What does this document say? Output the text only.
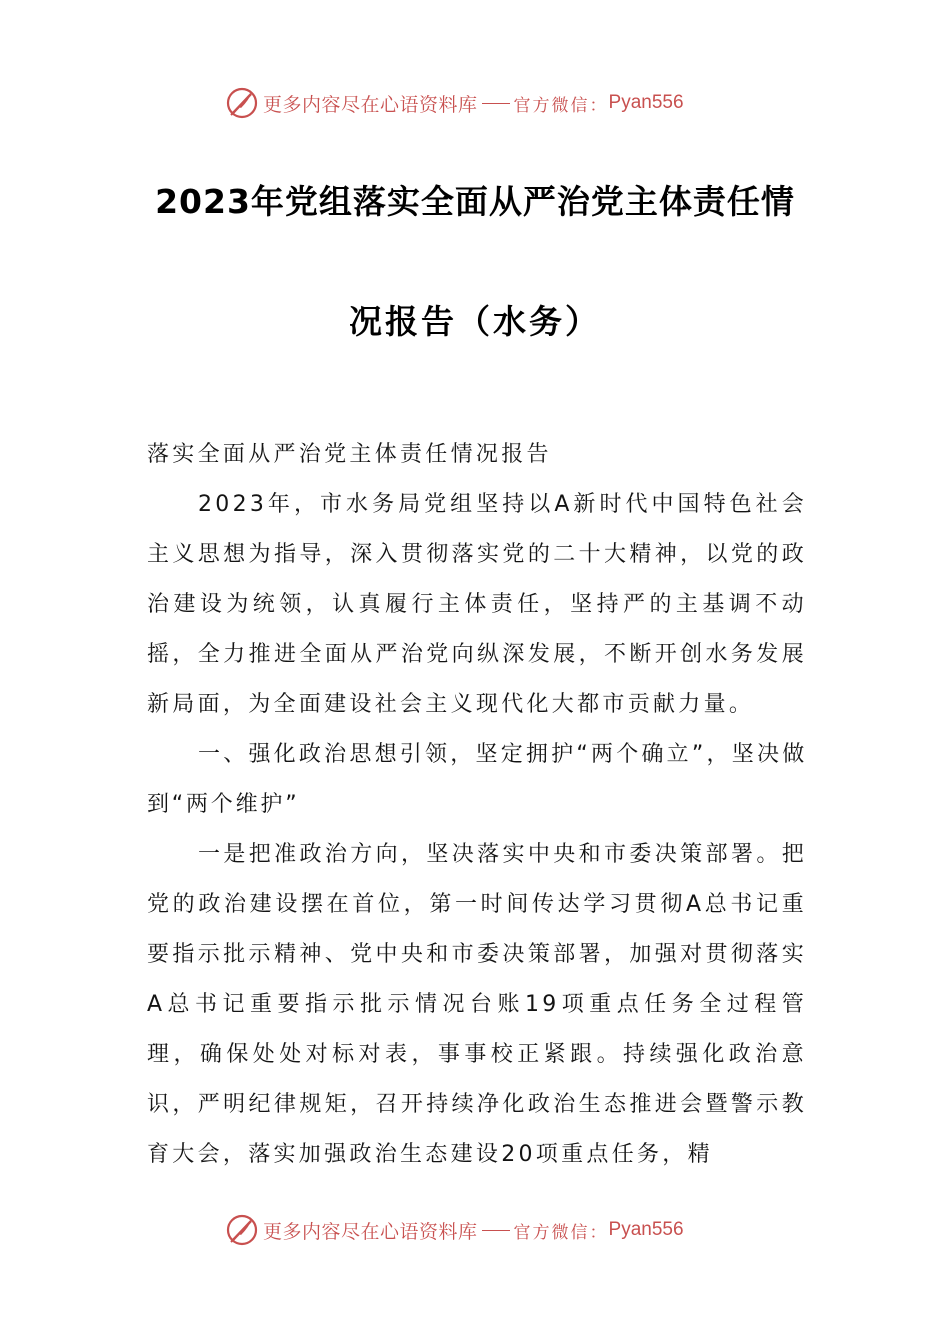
更多内容尽在心语资料库 官方微信： Pyan556
2023年党组落实全面从严治党主体责任情
况报告（水务）

落实全面从严治党主体责任情况报告

2023年，市水务局党组坚持以A新时代中国特色社会主义思想为指导，深入贯彻落实党的二十大精神，以党的政治建设为统领，认真履行主体责任，坚持严的主基调不动摇，全力推进全面从严治党向纵深发展，不断开创水务发展新局面，为全面建设社会主义现代化大都市贡献力量。

一、强化政治思想引领，坚定拥护“两个确立”，坚决做到“两个维护”

一是把准政治方向，坚决落实中央和市委决策部署。把党的政治建设摆在首位，第一时间传达学习贯彻A总书记重要指示批示精神、党中央和市委决策部署，加强对贯彻落实A总书记重要指示批示情况台账19项重点任务全过程管理，确保处处对标对表，事事校正紧跟。持续强化政治意识，严明纪律规矩，召开持续净化政治生态推进会暨警示教育大会，落实加强政治生态建设20项重点任务，精

更多内容尽在心语资料库 官方微信： Pyan556
